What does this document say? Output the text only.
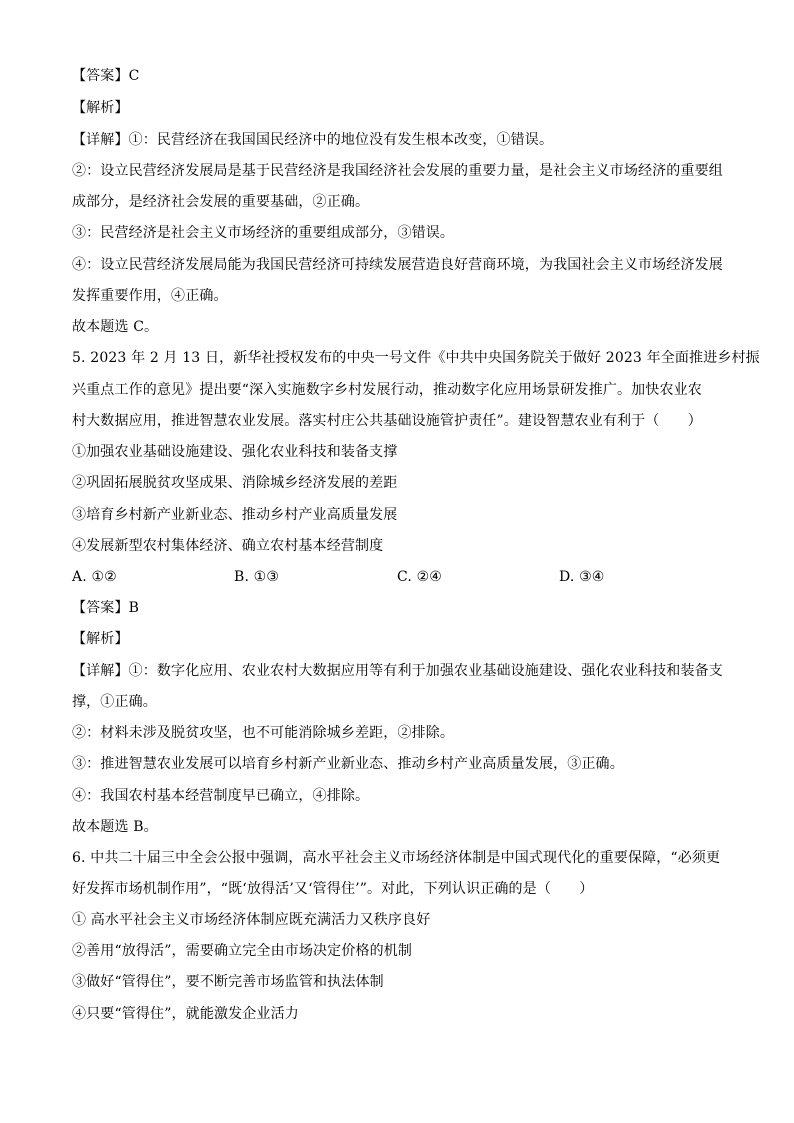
【答案】C
【解析】
【详解】①：民营经济在我国国民经济中的地位没有发生根本改变，①错误。
②：设立民营经济发展局是基于民营经济是我国经济社会发展的重要力量，是社会主义市场经济的重要组
成部分，是经济社会发展的重要基础，②正确。
③：民营经济是社会主义市场经济的重要组成部分，③错误。
④：设立民营经济发展局能为我国民营经济可持续发展营造良好营商环境，为我国社会主义市场经济发展
发挥重要作用，④正确。
故本题选 C。
5. 2023 年 2 月 13 日，新华社授权发布的中央一号文件《中共中央国务院关于做好 2023 年全面推进乡村振
兴重点工作的意见》提出要“深入实施数字乡村发展行动，推动数字化应用场景研发推广。加快农业农
村大数据应用，推进智慧农业发展。落实村庄公共基础设施管护责任”。建设智慧农业有利于（　　）
①加强农业基础设施建设、强化农业科技和装备支撑
②巩固拓展脱贫攻坚成果、消除城乡经济发展的差距
③培育乡村新产业新业态、推动乡村产业高质量发展
④发展新型农村集体经济、确立农村基本经营制度
A. ①②	B. ①③	C. ②④	D. ③④
【答案】B
【解析】
【详解】①：数字化应用、农业农村大数据应用等有利于加强农业基础设施建设、强化农业科技和装备支
撑，①正确。
②：材料未涉及脱贫攻坚，也不可能消除城乡差距，②排除。
③：推进智慧农业发展可以培育乡村新产业新业态、推动乡村产业高质量发展，③正确。
④：我国农村基本经营制度早已确立，④排除。
故本题选 B。
6. 中共二十届三中全会公报中强调，高水平社会主义市场经济体制是中国式现代化的重要保障，“必须更
好发挥市场机制作用”，“既‘放得活’又‘管得住’”。对此，下列认识正确的是（　　）
① 高水平社会主义市场经济体制应既充满活力又秩序良好
②善用“放得活”，需要确立完全由市场决定价格的机制
③做好“管得住”，要不断完善市场监管和执法体制
④只要“管得住”，就能激发企业活力
